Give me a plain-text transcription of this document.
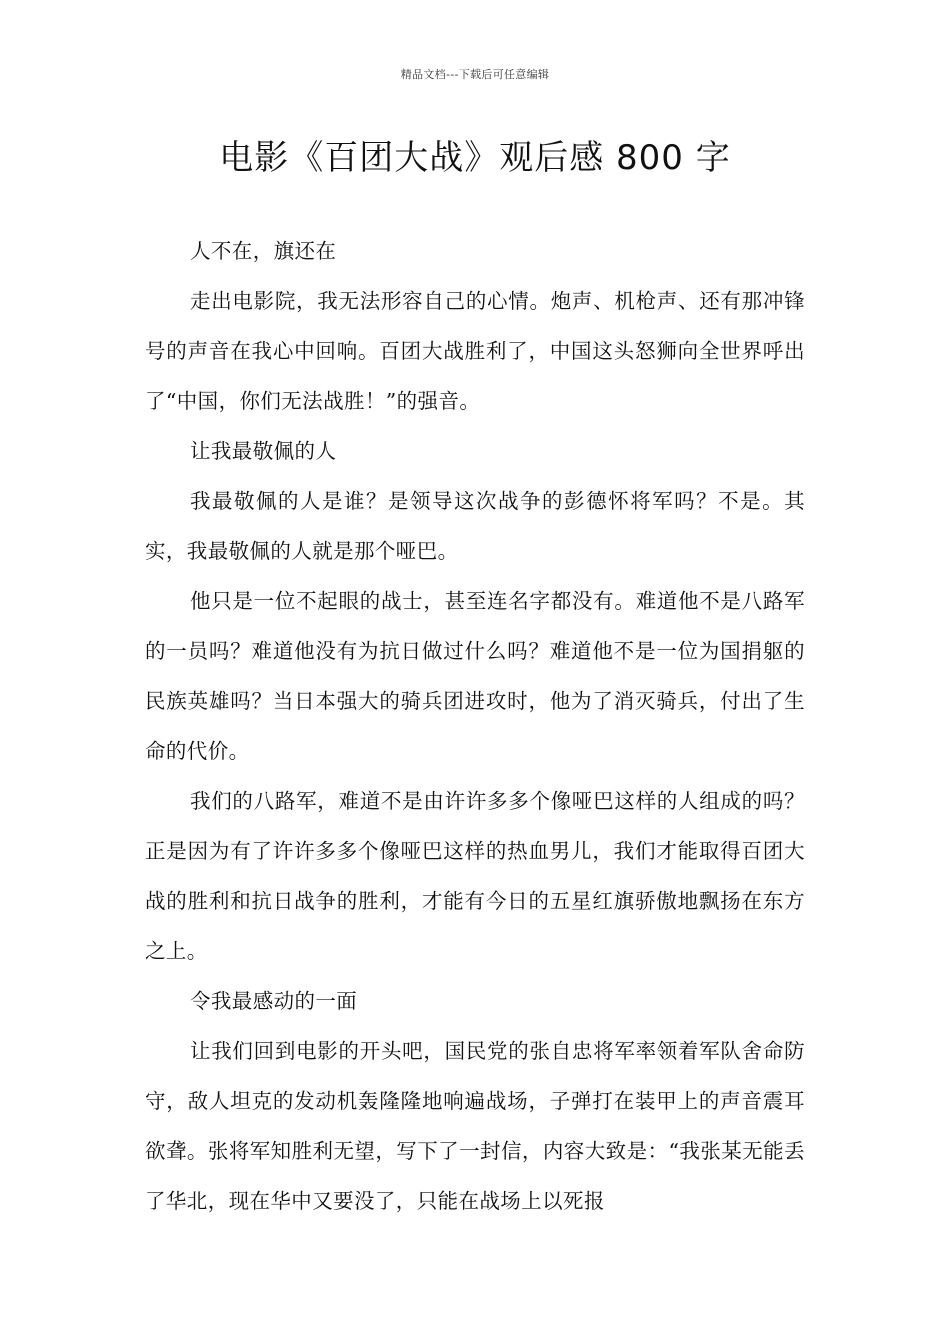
精品文档---下载后可任意编辑
电影《百团大战》观后感 800 字

人不在，旗还在

走出电影院，我无法形容自己的心情。炮声、机枪声、还有那冲锋号的声音在我心中回响。百团大战胜利了，中国这头怒狮向全世界呼出了“中国，你们无法战胜！”的强音。

让我最敬佩的人

我最敬佩的人是谁？是领导这次战争的彭德怀将军吗？不是。其实，我最敬佩的人就是那个哑巴。

他只是一位不起眼的战士，甚至连名字都没有。难道他不是八路军的一员吗？难道他没有为抗日做过什么吗？难道他不是一位为国捐躯的民族英雄吗？当日本强大的骑兵团进攻时，他为了消灭骑兵，付出了生命的代价。

我们的八路军，难道不是由许许多多个像哑巴这样的人组成的吗？正是因为有了许许多多个像哑巴这样的热血男儿，我们才能取得百团大战的胜利和抗日战争的胜利，才能有今日的五星红旗骄傲地飘扬在东方之上。

令我最感动的一面

让我们回到电影的开头吧，国民党的张自忠将军率领着军队舍命防守，敌人坦克的发动机轰隆隆地响遍战场，子弹打在装甲上的声音震耳欲聋。张将军知胜利无望，写下了一封信，内容大致是：“我张某无能丢了华北，现在华中又要没了，只能在战场上以死报
